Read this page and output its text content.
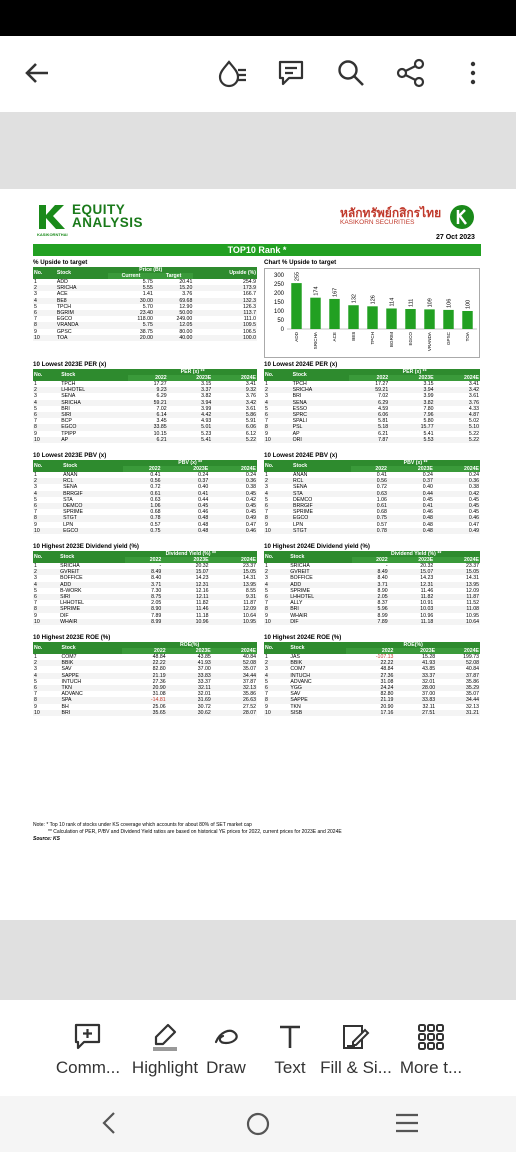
KASIKORNTHAI
EQUITY
ANALYSIS
หลักทรัพย์กสิกรไทย
KASIKORN SECURITIES
27 Oct 2023
TOP10 Rank *
% Upside to target
No.	Stock	Price (Bt)		Upside (%)
		Current	Target	
1	ADD	5.75	20.41	254.9
2	SRICHA	5.55	15.20	173.9
3	ACE	1.41	3.76	166.7
4	BE8	30.00	69.68	132.3
5	TPCH	5.70	12.90	126.3
6	BGRIM	23.40	50.00	113.7
7	EGCO	118.00	249.00	111.0
8	VRANDA	5.75	12.05	109.5
9	GPSC	38.75	80.00	106.5
10	TOA	20.00	40.00	100.0
Chart % Upside to target
0
50
100
150
200
250
300 255
ADD
174
SRICHA
167
ACE
132
BE8
126
TPCH
114
BGRIM
111
EGCO
109
VRANDA
106
GPSC
100
TOA
10 Lowest 2023E PER (x)
No.	Stock	PER (x) **		
		2022	2023E	2024E
1	TPCH	17.27	3.15	3.41
2	LHHOTEL	9.23	3.37	9.32
3	SENA	6.29	3.82	3.76
4	SRICHA	59.21	3.94	3.42
5	BRI	7.02	3.99	3.61
6	SIRI	6.14	4.42	5.86
7	BCP	3.45	4.93	5.91
8	EGCO	33.85	5.01	6.06
9	TPIPP	10.15	5.23	6.12
10	AP	6.21	5.41	5.22
10 Lowest 2024E PER (x)
No.	Stock	PER (x) **		
		2022	2023E	2024E
1	TPCH	17.27	3.15	3.41
2	SRICHA	59.21	3.94	3.42
3	BRI	7.02	3.99	3.61
4	SENA	6.29	3.82	3.76
5	ESSO	4.59	7.80	4.33
6	SPRC	6.06	7.96	4.87
7	SPALI	5.81	5.80	5.02
8	PSL	5.18	15.77	5.10
9	AP	6.21	5.41	5.22
10	ORI	7.87	5.53	5.22
10 Lowest 2023E PBV (x)
No.	Stock	PBV (x) **		
		2022	2023E	2024E
1	ANAN	0.41	0.24	0.24
2	RCL	0.56	0.37	0.36
3	SENA	0.72	0.40	0.38
4	BRRGIF	0.61	0.41	0.45
5	STA	0.63	0.44	0.42
6	DEMCO	1.06	0.45	0.45
7	SPRIME	0.68	0.46	0.45
8	STGT	0.78	0.48	0.49
9	LPN	0.57	0.48	0.47
10	EGCO	0.75	0.48	0.46
10 Lowest 2024E PBV (x)
No.	Stock	PBV (x) **		
		2022	2023E	2024E
1	ANAN	0.41	0.24	0.24
2	RCL	0.56	0.37	0.36
3	SENA	0.72	0.40	0.38
4	STA	0.63	0.44	0.42
5	DEMCO	1.06	0.45	0.45
6	BRRGIF	0.61	0.41	0.45
7	SPRIME	0.68	0.46	0.45
8	EGCO	0.75	0.48	0.46
9	LPN	0.57	0.48	0.47
10	STGT	0.78	0.48	0.49
10 Highest 2023E Dividend yield (%)
No.	Stock	Dividend Yield (%) **		
		2022	2023E	2024E
1	SRICHA	-	20.32	23.37
2	GVREIT	8.49	15.07	15.05
3	BOFFICE	8.40	14.23	14.31
4	ADD	3.71	12.31	13.95
5	B-WORK	7.30	12.16	8.55
6	SIRI	8.75	12.11	9.31
7	LHHOTEL	2.05	11.82	11.87
8	SPRIME	8.90	11.46	12.09
9	DIF	7.89	11.18	10.64
10	WHAIR	8.99	10.96	10.95
10 Highest 2024E Dividend yield (%)
No.	Stock	Dividend Yield (%) **		
		2022	2023E	2024E
1	SRICHA	-	20.32	23.37
2	GVREIT	8.49	15.07	15.05
3	BOFFICE	8.40	14.23	14.31
4	ADD	3.71	12.31	13.95
5	SPRIME	8.90	11.46	12.09
6	LHHOTEL	2.05	11.82	11.87
7	ALLY	8.37	10.91	11.52
8	BRI	5.96	10.03	11.08
9	WHAIR	8.99	10.96	10.95
10	DIF	7.89	11.18	10.64
10 Highest 2023E ROE (%)
No.	Stock	ROE(%)		
		2022	2023E	2024E
1	COM7	48.84	43.85	40.84
2	BBIK	22.22	41.93	52.08
3	SAV	82.80	37.00	35.07
4	SAPPE	21.19	33.83	34.44
5	INTUCH	27.36	33.37	37.87
6	TKN	20.90	32.11	32.13
7	ADVANC	31.08	32.01	35.86
8	SPA	-14.81	31.69	26.63
9	BH	25.06	30.72	27.52
10	BRI	35.65	30.62	28.07
10 Highest 2024E ROE (%)
No.	Stock	ROE(%)		
		2022	2023E	2024E
1	JAS	-107.13	15.28	199.73
2	BBIK	22.22	41.93	52.08
3	COM7	48.84	43.85	40.84
4	INTUCH	27.36	33.37	37.87
5	ADVANC	31.08	32.01	35.86
6	YGG	24.24	28.00	35.29
7	SAV	82.80	37.00	35.07
8	SAPPE	21.19	33.83	34.44
9	TKN	20.90	32.11	32.13
10	SISB	17.16	27.51	31.21
Note: * Top 10 rank of stocks under KS coverage which accounts for about 80% of SET market cap
** Calculation of PER, P/BV and Dividend Yield ratios are based on historical YE prices for 2022, current prices for 2023E and 2024E
Source: KS
Comm... Highlight Draw	Text Fill & Si... More t...
